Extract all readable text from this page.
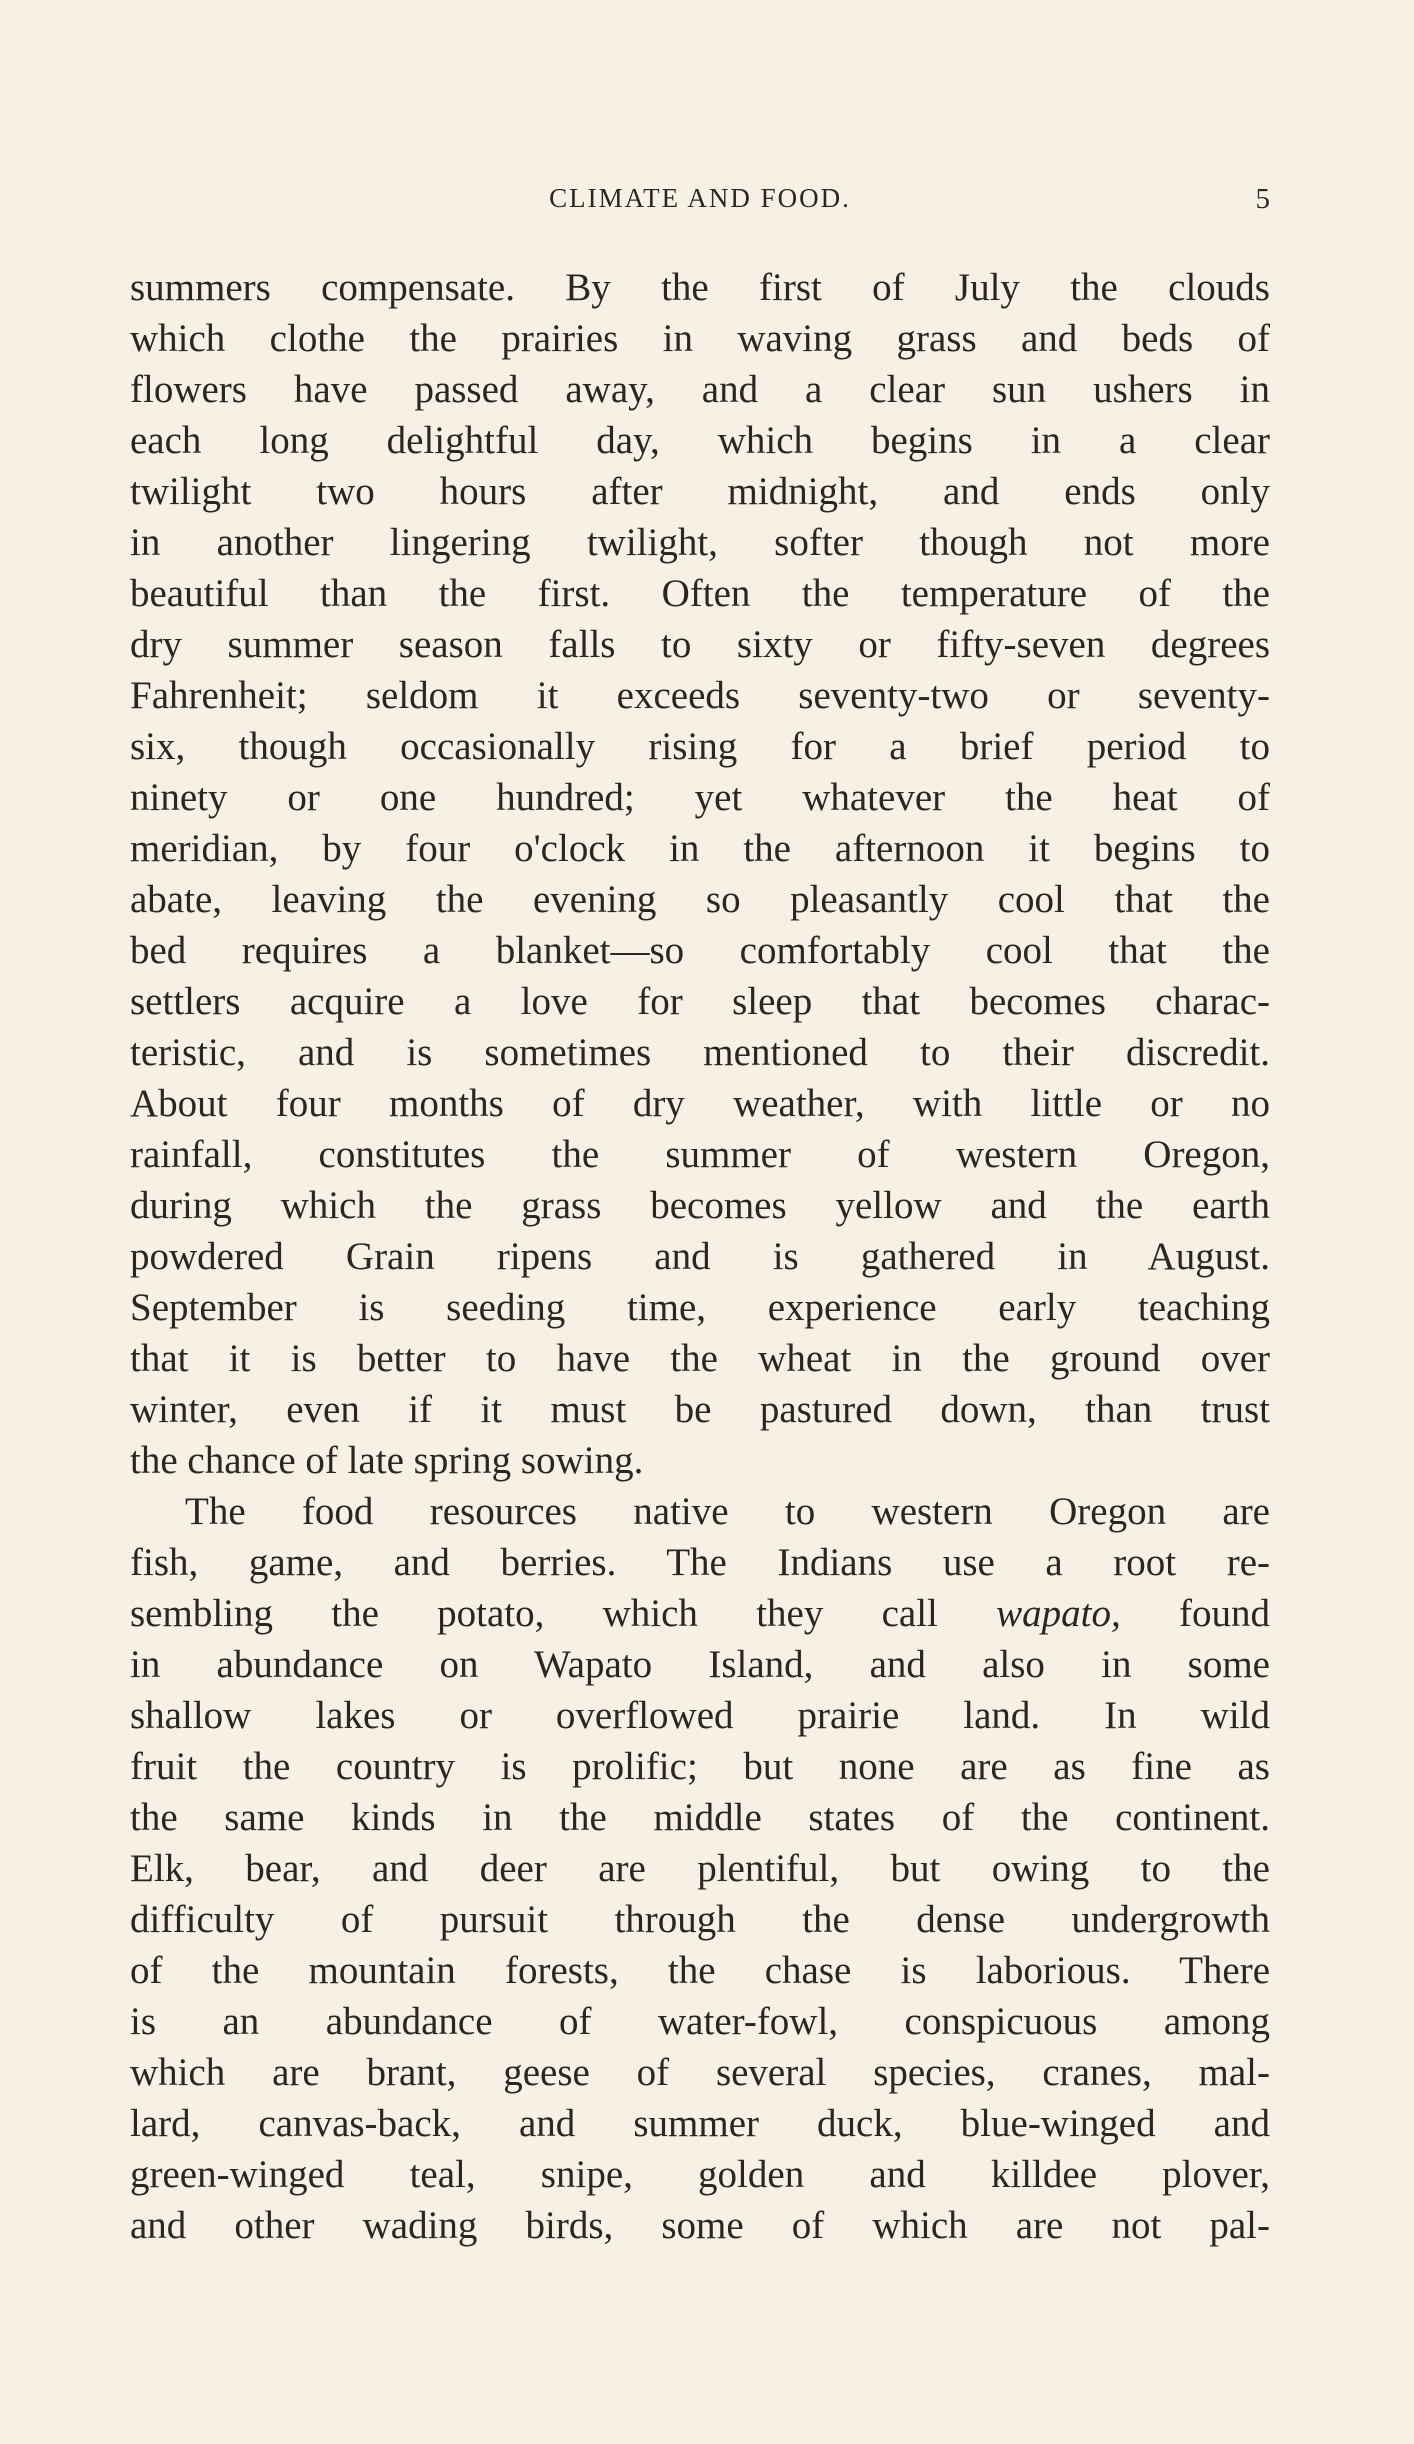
CLIMATE AND FOOD.	5
summers compensate. By the first of July the clouds
which clothe the prairies in waving grass and beds of
flowers have passed away, and a clear sun ushers in
each long delightful day, which begins in a clear
twilight two hours after midnight, and ends only
in another lingering twilight, softer though not more
beautiful than the first. Often the temperature of the
dry summer season falls to sixty or fifty-seven degrees
Fahrenheit; seldom it exceeds seventy-two or seventy-
six, though occasionally rising for a brief period to
ninety or one hundred; yet whatever the heat of
meridian, by four o'clock in the afternoon it begins to
abate, leaving the evening so pleasantly cool that the
bed requires a blanket—so comfortably cool that the
settlers acquire a love for sleep that becomes charac-
teristic, and is sometimes mentioned to their discredit.
About four months of dry weather, with little or no
rainfall, constitutes the summer of western Oregon,
during which the grass becomes yellow and the earth
powdered Grain ripens and is gathered in August.
September is seeding time, experience early teaching
that it is better to have the wheat in the ground over
winter, even if it must be pastured down, than trust
the chance of late spring sowing.
The food resources native to western Oregon are
fish, game, and berries. The Indians use a root re-
sembling the potato, which they call wapato, found
in abundance on Wapato Island, and also in some
shallow lakes or overflowed prairie land. In wild
fruit the country is prolific; but none are as fine as
the same kinds in the middle states of the continent.
Elk, bear, and deer are plentiful, but owing to the
difficulty of pursuit through the dense undergrowth
of the mountain forests, the chase is laborious. There
is an abundance of water-fowl, conspicuous among
which are brant, geese of several species, cranes, mal-
lard, canvas-back, and summer duck, blue-winged and
green-winged teal, snipe, golden and killdee plover,
and other wading birds, some of which are not pal-
